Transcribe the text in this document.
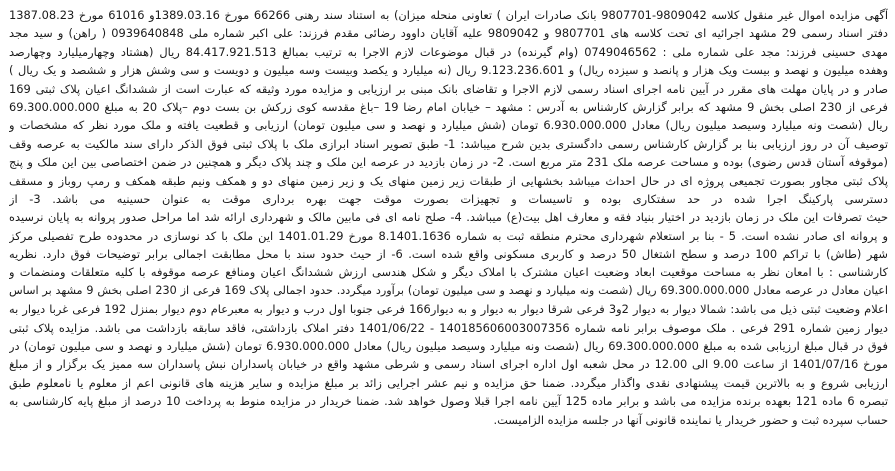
آگهی مزایده اموال غیر منقول کلاسه 9809042-9807701 بانک صادرات ایران ) تعاونی منحله میزان) به استناد سند رهنی 66266 مورخ 1389.03.16و 61016 مورخ 1387.08.23
دفتر اسناد رسمی 29 مشهد اجرائیه ای تحت کلاسه های 9807701 و 9809042 علیه آقایان داوود رضائی مقدم فرزند: علی اکبر شماره ملی 0939640848 ( راهن) و سید مجد
مهدی حسینی فرزند: مجد علی شماره ملی : 0749046562 (وام گیرنده) در قبال موضوعات لازم الاجرا به ترتیب بمبالغ 84.417.921.513 ریال (هشتاد وچهارمیلیارد وچهارصد
وهفده میلیون و نهصد و بیست ویک هزار و پانصد و سیزده ریال) و 9.123.236.601 ریال (نه میلیارد و یکصد وبیست وسه میلیون و دویست و سی وشش هزار و ششصد و یک ریال )
صادر و در پایان مهلت های مقرر در آیین نامه اجرای اسناد رسمی لازم الاجرا و تقاضای بانک مبنی بر ارزیابی و مزایده مورد وثیقه که عبارت است از ششدانگ اعیان پلاک ثبتی 169
فرعی از 230 اصلی بخش 9 مشهد که برابر گزارش کارشناس به آدرس : مشهد – خیابان امام رضا 19 –باغ مقدسه کوی زرکش بن بست دوم –پلاک 20 به مبلغ 69.300.000.000
ریال (شصت ونه میلیارد وسیصد میلیون ریال) معادل 6.930.000.000 تومان (شش میلیارد و نهصد و سی میلیون تومان) ارزیابی و قطعیت یافته و ملک مورد نظر که مشخصات و
توصیف آن در روز ارزیابی بنا بر گزارش کارشناس رسمی دادگستری بدین شرح میباشد: 1- طبق تصویر اسناد ابرازی ملک با پلاک ثبتی فوق الذکر دارای سند مالکیت به عرصه وقف
(موقوفه آستان قدس رضوی) بوده و مساحت عرصه ملک 231 متر مربع است. 2- در زمان بازدید در عرصه این ملک و چند پلاک دیگر و همچنین در ضمن اختصاصی بین این ملک و پنج
پلاک ثبتی مجاور بصورت تجمیعی پروژه ای در حال احداث میباشد بخشهایی از طبقات زیر زمین منهای یک و زیر زمین منهای دو و همکف ونیم طبقه همکف و رمپ روباز و مسقف
دسترسی پارکینگ اجرا شده در حد سفتکاری بوده و تاسیسات و تجهیزات بصورت موقت جهت بهره برداری موقت به عنوان حسینیه می باشد. 3- از
حیث تصرفات این ملک در زمان بازدید در اختیار بنیاد فقه و معارف اهل بیت(ع) میباشد. 4- صلح نامه ای فی مابین مالک و شهرداری ارائه شد اما مراحل صدور پروانه به پایان نرسیده
و پروانه ای صادر نشده است. 5 - بنا بر استعلام شهرداری محترم منطقه ثبت به شماره 8.1401.1636 مورخ 1401.01.29 این ملک با کد نوسازی در محدوده طرح تفصیلی مرکز
شهر (طاش) با تراکم 100 درصد و سطح اشتغال 50 درصد و کاربری مسکونی واقع شده است. 6- از حیث حدود سند با محل مطابقت اجمالی برابر توضیحات فوق دارد. نظریه
کارشناسی : با امعان نظر به مساحت موقعیت ابعاد وضعیت اعیان مشترک با املاک دیگر و شکل هندسی ارزش ششدانگ اعیان ومنافع عرصه موقوفه با کلیه متعلقات ومنضمات و
اعیان معادل در عرصه معادل 69.300.000.000 ریال (شصت ونه میلیارد و نهصد و سی میلیون تومان) برآورد میگردد. حدود اجمالی پلاک 169 فرعی از 230 اصلی بخش 9 مشهد بر اساس
اعلام وضعیت ثبتی ذیل می باشد: شمالا دیوار به دیوار 2و3 فرعی شرقا دیوار به دیوار و به دیوار166 فرعی جنوبا اول درب و دیوار به معبرعام دوم دیوار بمنزل 192 فرعی غربا دیوار به
دیوار زمین شماره 291 فرعی . ملک موصوف برابر نامه شماره 140185606003007356 - 1401/06/22 دفتر املاک بازداشتی، فاقد سابقه بازداشت می باشد. مزایده پلاک ثبتی
فوق در قبال مبلغ ارزیابی شده به مبلغ 69.300.000.000 ریال (شصت ونه میلیارد وسیصد میلیون ریال) معادل 6.930.000.000 تومان (شش میلیارد و نهصد و سی میلیون تومان) در
مورخ 1401/07/16 از ساعت 9.00 الی 12.00 در محل شعبه اول اداره اجرای اسناد رسمی و شرطی مشهد واقع در خیابان پاسداران نبش پاسداران سه ممیز یک برگزار و از مبلغ
ارزیابی شروع و به بالاترین قیمت پیشنهادی نقدی واگذار میگردد. ضمنا حق مزایده و نیم عشر اجرایی زائد بر مبلغ مزایده و سایر هزینه های قانونی اعم از معلوم یا نامعلوم طبق
تبصره 6 ماده 121 بعهده برنده مزایده می باشد و برابر ماده 125 آیین نامه اجرا قبلا وصول خواهد شد. ضمنا خریدار در مزایده منوط به پرداخت 10 درصد از مبلغ پایه کارشناسی به
حساب سپرده ثبت و حضور خریدار یا نماینده قانونی آنها در جلسه مزایده الزامیست.
